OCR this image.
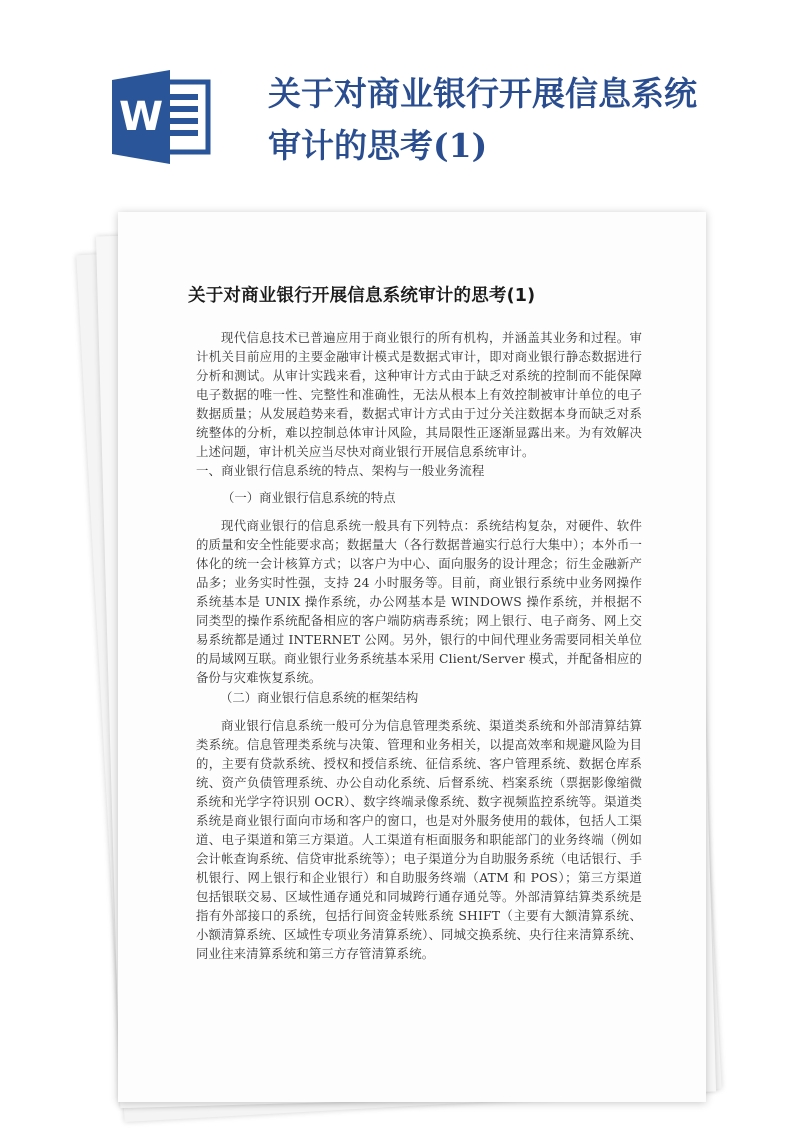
W
关于对商业银行开展信息系统
审计的思考(1)
关于对商业银行开展信息系统审计的思考(1)
现代信息技术已普遍应用于商业银行的所有机构，并涵盖其业务和过程。审计机关目前应用的主要金融审计模式是数据式审计，即对商业银行静态数据进行分析和测试。从审计实践来看，这种审计方式由于缺乏对系统的控制而不能保障电子数据的唯一性、完整性和准确性，无法从根本上有效控制被审计单位的电子数据质量；从发展趋势来看，数据式审计方式由于过分关注数据本身而缺乏对系统整体的分析，难以控制总体审计风险，其局限性正逐渐显露出来。为有效解决上述问题，审计机关应当尽快对商业银行开展信息系统审计。
一、商业银行信息系统的特点、架构与一般业务流程
（一）商业银行信息系统的特点
现代商业银行的信息系统一般具有下列特点：系统结构复杂，对硬件、软件的质量和安全性能要求高；数据量大（各行数据普遍实行总行大集中）；本外币一体化的统一会计核算方式；以客户为中心、面向服务的设计理念；衍生金融新产品多；业务实时性强，支持 24 小时服务等。目前，商业银行系统中业务网操作系统基本是 UNIX 操作系统，办公网基本是 WINDOWS 操作系统，并根据不同类型的操作系统配备相应的客户端防病毒系统；网上银行、电子商务、网上交易系统都是通过 INTERNET 公网。另外，银行的中间代理业务需要同相关单位的局域网互联。商业银行业务系统基本采用 Client/Server 模式，并配备相应的备份与灾难恢复系统。
（二）商业银行信息系统的框架结构
商业银行信息系统一般可分为信息管理类系统、渠道类系统和外部清算结算类系统。信息管理类系统与决策、管理和业务相关，以提高效率和规避风险为目的，主要有贷款系统、授权和授信系统、征信系统、客户管理系统、数据仓库系统、资产负债管理系统、办公自动化系统、后督系统、档案系统（票据影像缩微系统和光学字符识别 OCR）、数字终端录像系统、数字视频监控系统等。渠道类系统是商业银行面向市场和客户的窗口，也是对外服务使用的载体，包括人工渠道、电子渠道和第三方渠道。人工渠道有柜面服务和职能部门的业务终端（例如会计帐查询系统、信贷审批系统等）；电子渠道分为自助服务系统（电话银行、手机银行、网上银行和企业银行）和自助服务终端（ATM 和 POS）；第三方渠道包括银联交易、区域性通存通兑和同城跨行通存通兑等。外部清算结算类系统是指有外部接口的系统，包括行间资金转账系统 SHIFT（主要有大额清算系统、小额清算系统、区域性专项业务清算系统）、同城交换系统、央行往来清算系统、同业往来清算系统和第三方存管清算系统。
